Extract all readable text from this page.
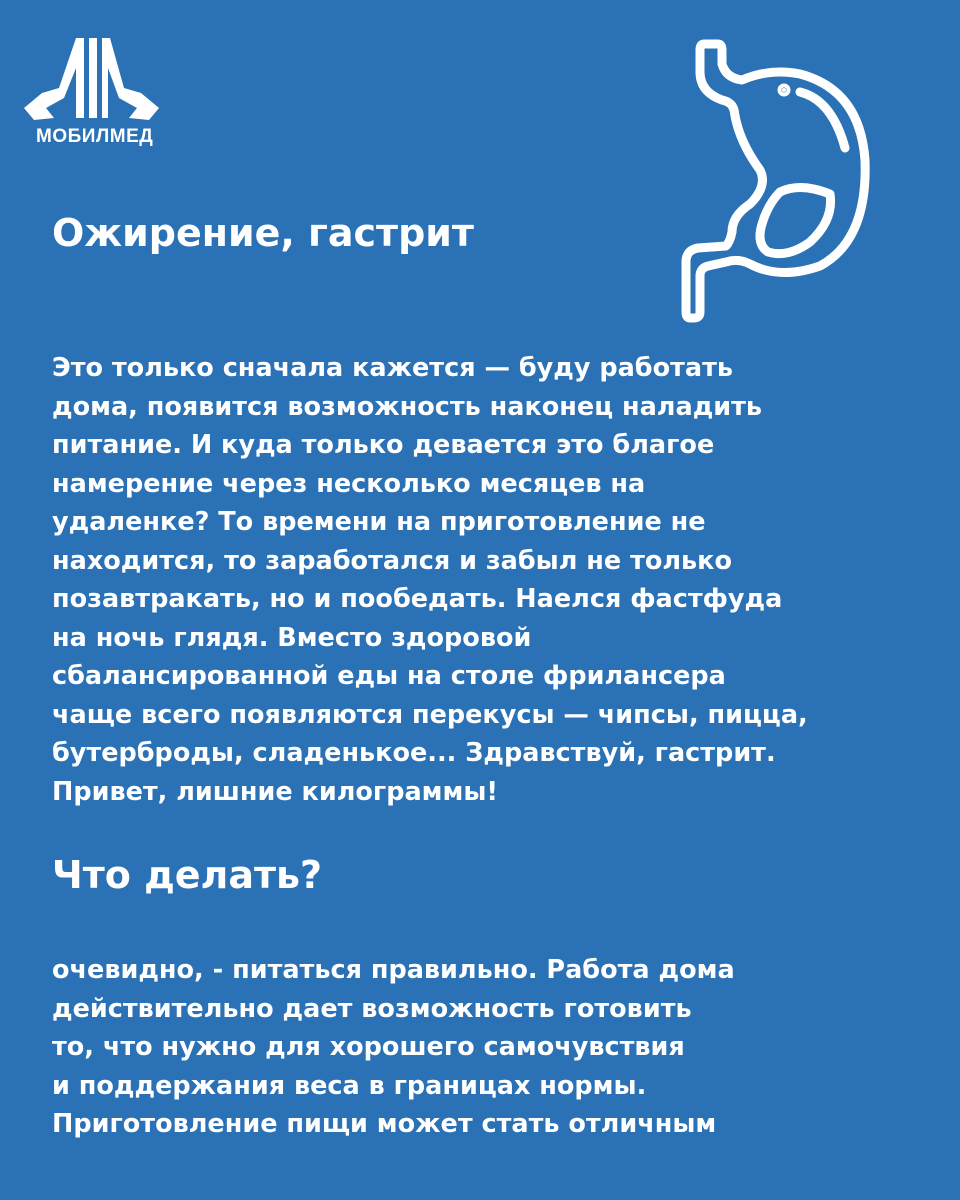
МОБИЛМЕД
Ожирение, гастрит
Это только сначала кажется — буду работать
дома, появится возможность наконец наладить
питание. И куда только девается это благое
намерение через несколько месяцев на
удаленке? То времени на приготовление не
находится, то заработался и забыл не только
позавтракать, но и пообедать. Наелся фастфуда
на ночь глядя. Вместо здоровой
сбалансированной еды на столе фрилансера
чаще всего появляются перекусы — чипсы, пицца,
бутерброды, сладенькое... Здравствуй, гастрит.
Привет, лишние килограммы!
Что делать?
очевидно, - питаться правильно. Работа дома
действительно дает возможность готовить
то, что нужно для хорошего самочувствия
и поддержания веса в границах нормы.
Приготовление пищи может стать отличным
